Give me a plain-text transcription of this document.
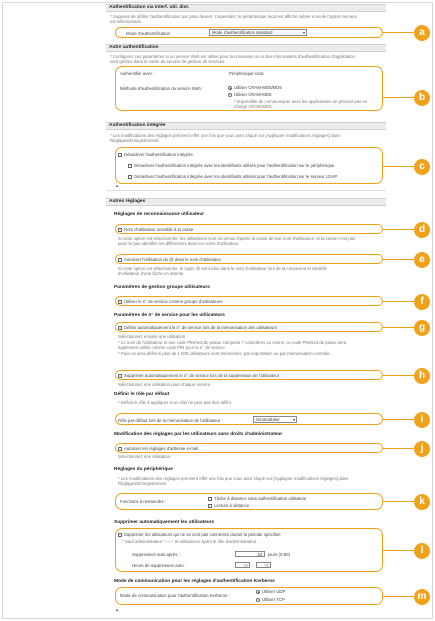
Authentification via interf. util. dist.
* Suppose de définir l'authentification par pass devers. Cependant, le périphérique local est affiché même si seule l'option Serveur
est sélectionnée.
Mode d'authentification :	Mode d'authentification standard ▾
Autre authentification
* Configurez ces paramètres si un service Web est utilisé pour la connexion ou si des informations d'authentification d'application
sont gérées dans le cadre du service de gestion de services.
Authentifier avec :	Périphérique local
Méthode d'authentification du service Web :	Utiliser CRAM-MD5/MD5
Utiliser CRAM-MD5
* Impossible de communiquer avec les applications ne prenant pas en
charge CRAM-MD5.
Authentification intégrée
* Les modifications des réglages prennent effet une fois que vous avez cliqué sur [Appliquer modifications réglages] dans
Réglages/Enregistrement.
Désactiver l'authentification intégrée
Désactiver l'authentification intégrée avec les identifiants utilisés pour l'authentification sur le périphérique
Désactiver l'authentification intégrée avec les identifiants utilisés pour l'authentification sur le serveur LDAP
▲
Autres réglages
Réglages de reconnaissance utilisateur
Nom d'utilisateur sensible à la casse
Si cette option est sélectionnée, les utilisateurs sont reconnus d'après la casse de leur nom d'utilisateur. Si la casse n'est pas
peut ne pas identifier les différences dans les noms d'utilisateur.
Autoriser l'utilisation du @ dans le nom d'utilisateur
Si cette option est sélectionnée, le signe @ est inclus dans le nom d'utilisateur lors de la connexion et identifié
d'utilisateur d'une tâche en attente.
Paramètres de gestion groupe utilisateurs
Utiliser le n° de service comme groupe d'utilisateurs
Paramètres de n° de service pour les utilisateurs
Définir automatiquement le n° de service lors de la mémorisation des utilisateurs
Sélectionnez ensuite une utilisation.
* Le nom de l'utilisateur et son code PIN/mot de passe comporte 7 caractères ou moins, ce code PIN/mot de passe sera
également utilisé comme code PIN pour le n° de service.
* Pour ne sera défini si plus de 1 000 utilisateurs sont mémorisés, par importation ou par mémorisation normale.
Supprimer automatiquement le n° de service lors de la suppression de l'utilisateur
Sélectionnez une utilisation pour chaque service.
Définir le rôle par défaut
* Définit le rôle à appliquer si un rôle ne peut pas être défini.
Rôle par défaut lors de la mémorisation de l'utilisateur :	GeneralUser ▾
Modification des réglages par les utilisateurs sans droits d'administrateur
Autoriser les réglages d'adresse e-mail
Sélectionnez une utilisation.
Réglages du périphérique
* Les modifications des réglages prennent effet une fois que vous avez cliqué sur [Appliquer modifications réglages] dans
Réglages/Enregistrement.
Fonctions à restreindre :
Tâche à distance sans authentification utilisateur
Lecture à distance
Supprimer automatiquement les utilisateurs
Supprimer les utilisateurs qui ne se sont pas connectés durant la période spécifiée
* Sauf administrateur "-----" et utilisateurs ayant le rôle d'administrateur.
Suppression auto après :	10	jours (0-60)
Heure de suppression auto :	00 :	00
Mode de communication pour les réglages d'authentification Kerberos
Mode de communication pour l'authentification Kerberos :
Utiliser UDP
Utiliser TCP
▲
a
b
c
d
e
f
g
h
i
j
k
l
m
